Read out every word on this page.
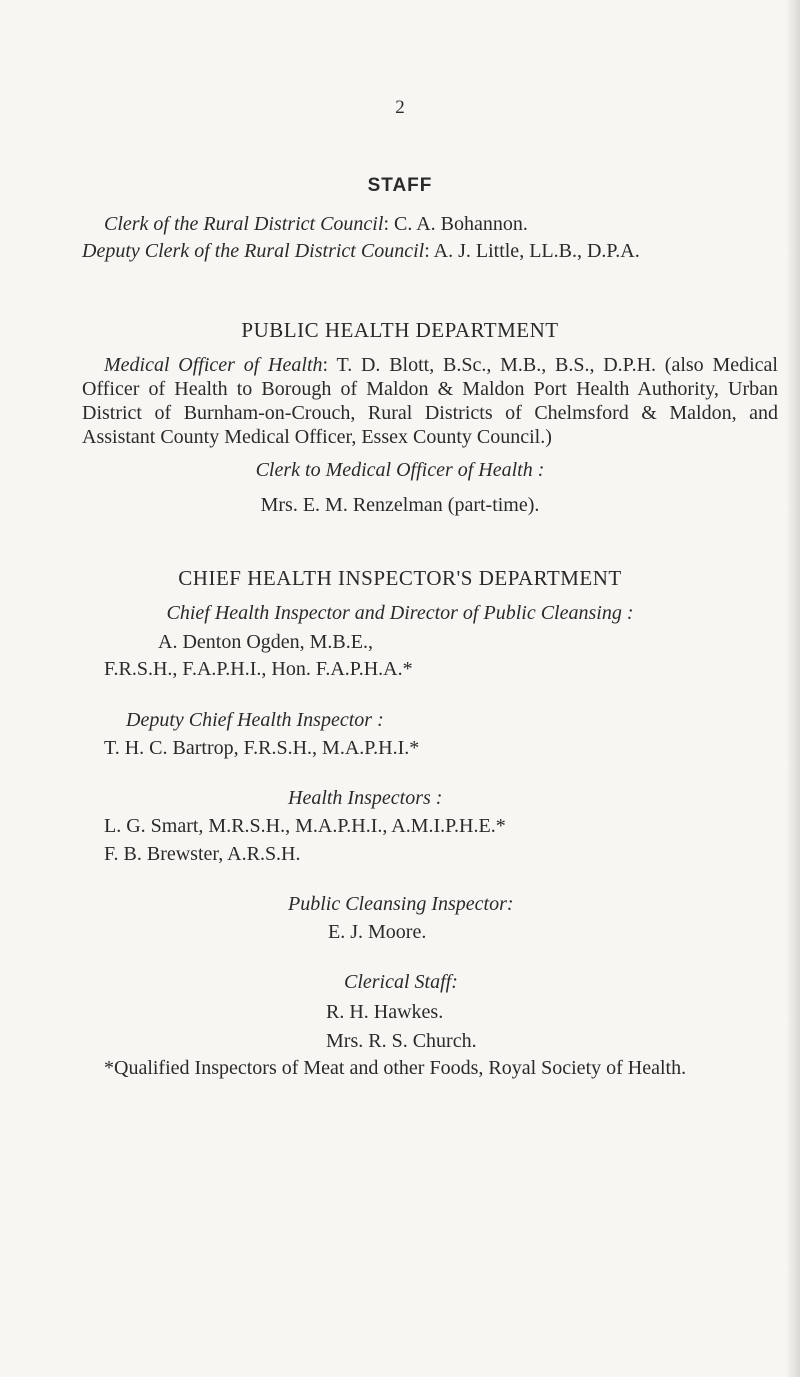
2
STAFF
Clerk of the Rural District Council: C. A. Bohannon.
Deputy Clerk of the Rural District Council: A. J. Little, LL.B., D.P.A.
PUBLIC HEALTH DEPARTMENT
Medical Officer of Health: T. D. Blott, B.Sc., M.B., B.S., D.P.H. (also Medical Officer of Health to Borough of Maldon & Maldon Port Health Authority, Urban District of Burnham-on-Crouch, Rural Districts of Chelmsford & Maldon, and Assistant County Medical Officer, Essex County Council.)
Clerk to Medical Officer of Health :
Mrs. E. M. Renzelman (part-time).
CHIEF HEALTH INSPECTOR'S DEPARTMENT
Chief Health Inspector and Director of Public Cleansing :
A. Denton Ogden, M.B.E.,
F.R.S.H., F.A.P.H.I., Hon. F.A.P.H.A.*
Deputy Chief Health Inspector :
T. H. C. Bartrop, F.R.S.H., M.A.P.H.I.*
Health Inspectors :
L. G. Smart, M.R.S.H., M.A.P.H.I., A.M.I.P.H.E.*
F. B. Brewster, A.R.S.H.
Public Cleansing Inspector:
E. J. Moore.
Clerical Staff:
R. H. Hawkes.
Mrs. R. S. Church.
*Qualified Inspectors of Meat and other Foods, Royal Society of Health.
